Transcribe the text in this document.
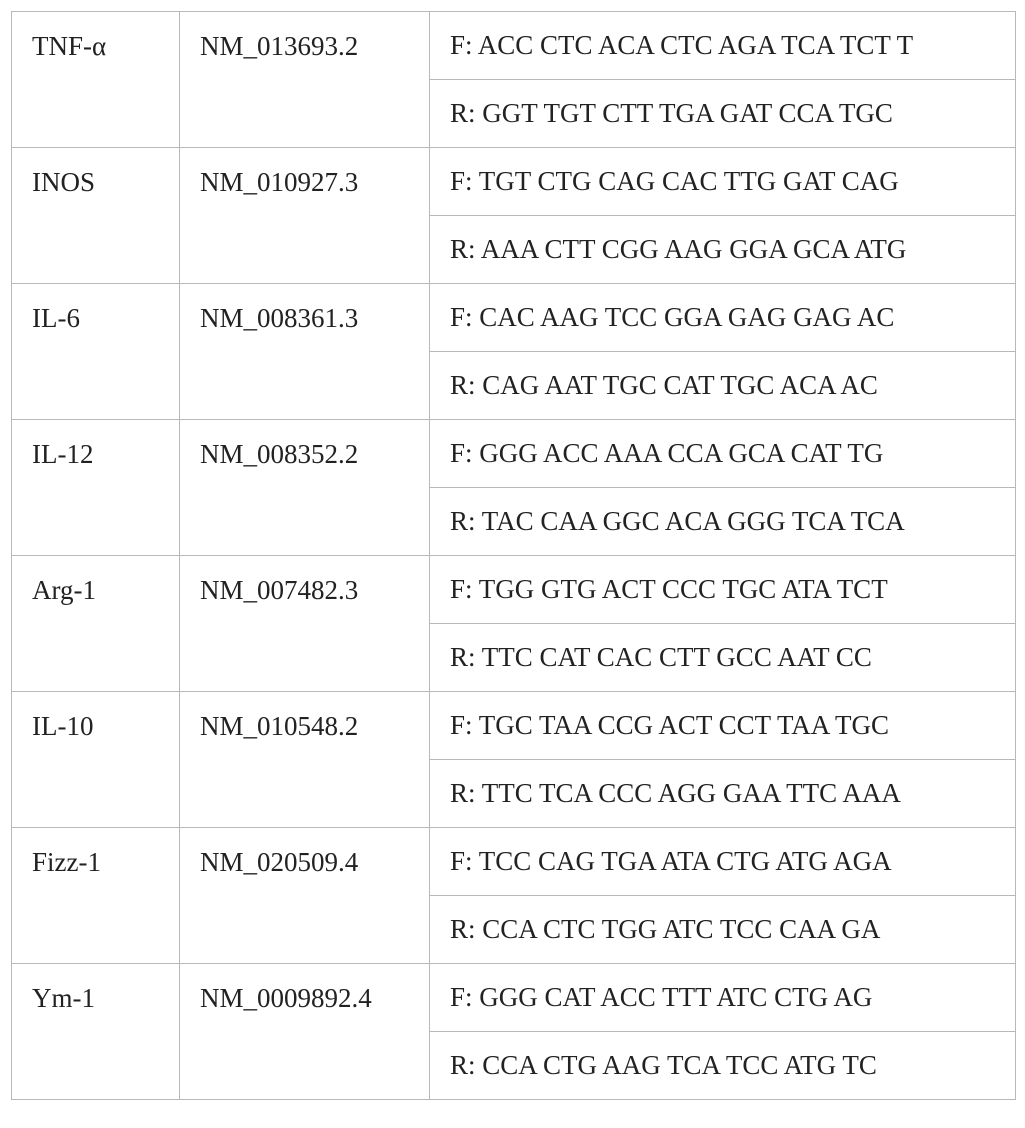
TNF-α	NM_013693.2	F: ACC CTC ACA CTC AGA TCA TCT T
		R: GGT TGT CTT TGA GAT CCA TGC
INOS	NM_010927.3	F: TGT CTG CAG CAC TTG GAT CAG
		R: AAA CTT CGG AAG GGA GCA ATG
IL-6	NM_008361.3	F: CAC AAG TCC GGA GAG GAG AC
		R: CAG AAT TGC CAT TGC ACA AC
IL-12	NM_008352.2	F: GGG ACC AAA CCA GCA CAT TG
		R: TAC CAA GGC ACA GGG TCA TCA
Arg-1	NM_007482.3	F: TGG GTG ACT CCC TGC ATA TCT
		R: TTC CAT CAC CTT GCC AAT CC
IL-10	NM_010548.2	F: TGC TAA CCG ACT CCT TAA TGC
		R: TTC TCA CCC AGG GAA TTC AAA
Fizz-1	NM_020509.4	F: TCC CAG TGA ATA CTG ATG AGA
		R: CCA CTC TGG ATC TCC CAA GA
Ym-1	NM_0009892.4	F: GGG CAT ACC TTT ATC CTG AG
		R: CCA CTG AAG TCA TCC ATG TC
